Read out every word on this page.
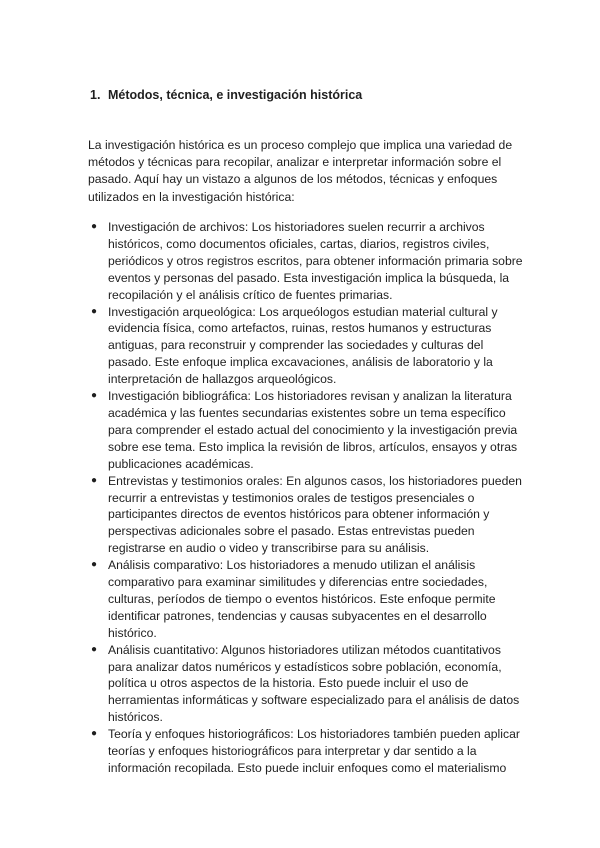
1. Métodos, técnica, e investigación histórica

La investigación histórica es un proceso complejo que implica una variedad de métodos y técnicas para recopilar, analizar e interpretar información sobre el pasado. Aquí hay un vistazo a algunos de los métodos, técnicas y enfoques utilizados en la investigación histórica:

● Investigación de archivos: Los historiadores suelen recurrir a archivos históricos, como documentos oficiales, cartas, diarios, registros civiles, periódicos y otros registros escritos, para obtener información primaria sobre eventos y personas del pasado. Esta investigación implica la búsqueda, la recopilación y el análisis crítico de fuentes primarias.
● Investigación arqueológica: Los arqueólogos estudian material cultural y evidencia física, como artefactos, ruinas, restos humanos y estructuras antiguas, para reconstruir y comprender las sociedades y culturas del pasado. Este enfoque implica excavaciones, análisis de laboratorio y la interpretación de hallazgos arqueológicos.
● Investigación bibliográfica: Los historiadores revisan y analizan la literatura académica y las fuentes secundarias existentes sobre un tema específico para comprender el estado actual del conocimiento y la investigación previa sobre ese tema. Esto implica la revisión de libros, artículos, ensayos y otras publicaciones académicas.
● Entrevistas y testimonios orales: En algunos casos, los historiadores pueden recurrir a entrevistas y testimonios orales de testigos presenciales o participantes directos de eventos históricos para obtener información y perspectivas adicionales sobre el pasado. Estas entrevistas pueden registrarse en audio o video y transcribirse para su análisis.
● Análisis comparativo: Los historiadores a menudo utilizan el análisis comparativo para examinar similitudes y diferencias entre sociedades, culturas, períodos de tiempo o eventos históricos. Este enfoque permite identificar patrones, tendencias y causas subyacentes en el desarrollo histórico.
● Análisis cuantitativo: Algunos historiadores utilizan métodos cuantitativos para analizar datos numéricos y estadísticos sobre población, economía, política u otros aspectos de la historia. Esto puede incluir el uso de herramientas informáticas y software especializado para el análisis de datos históricos.
● Teoría y enfoques historiográficos: Los historiadores también pueden aplicar teorías y enfoques historiográficos para interpretar y dar sentido a la información recopilada. Esto puede incluir enfoques como el materialismo
